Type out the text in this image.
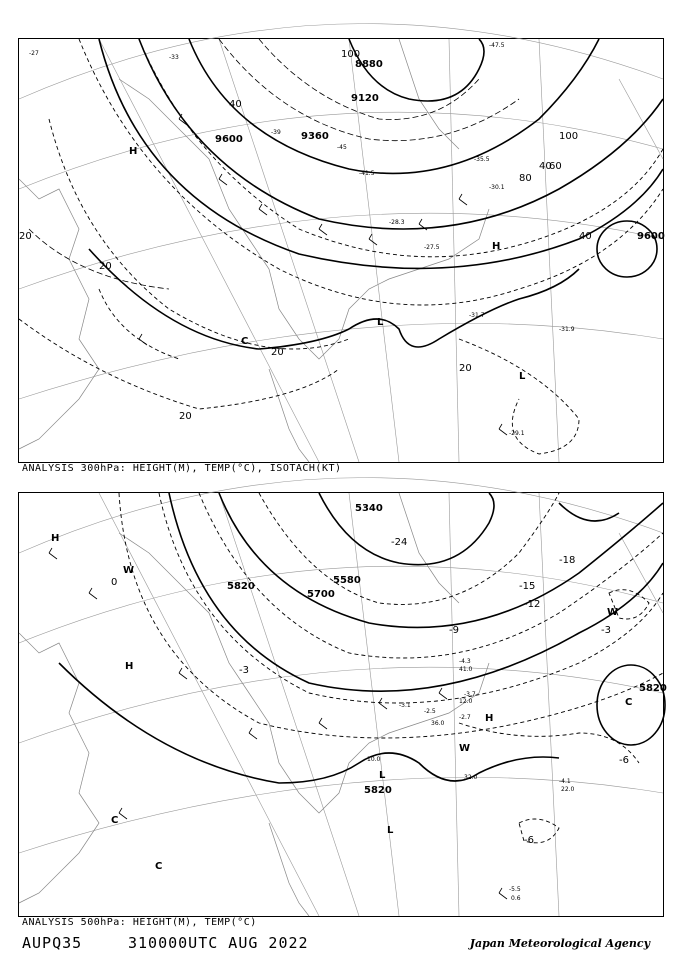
8880
9120
9360
9600
9600
20
20
20
20
40
40
60
80
100
100
40
20
-27
-33
-39
-45
-47.5
-41.5
-35.5
-30.1
-28.3
-27.5
-29.1
-31.9
-31.7
H
H
L
L
C
ANALYSIS 300hPa: HEIGHT(M), TEMP(°C), ISOTACH(KT)
5340
5580
5700
5820
5820
5820
-24
-18
-15
-12
-9
-6
-6
-3
-3
0
-4.3
-3.7
-2.7
-2.5
-3.1
-4.1
-5.5
0.6
12.0
32.0
36.0
41.0
22.0
10.0
H
H
H
L
L
C
C
C
W
W
W
ANALYSIS 500hPa: HEIGHT(M), TEMP(°C)
AUPQ35	310000UTC AUG 2022	Japan Meteorological Agency
